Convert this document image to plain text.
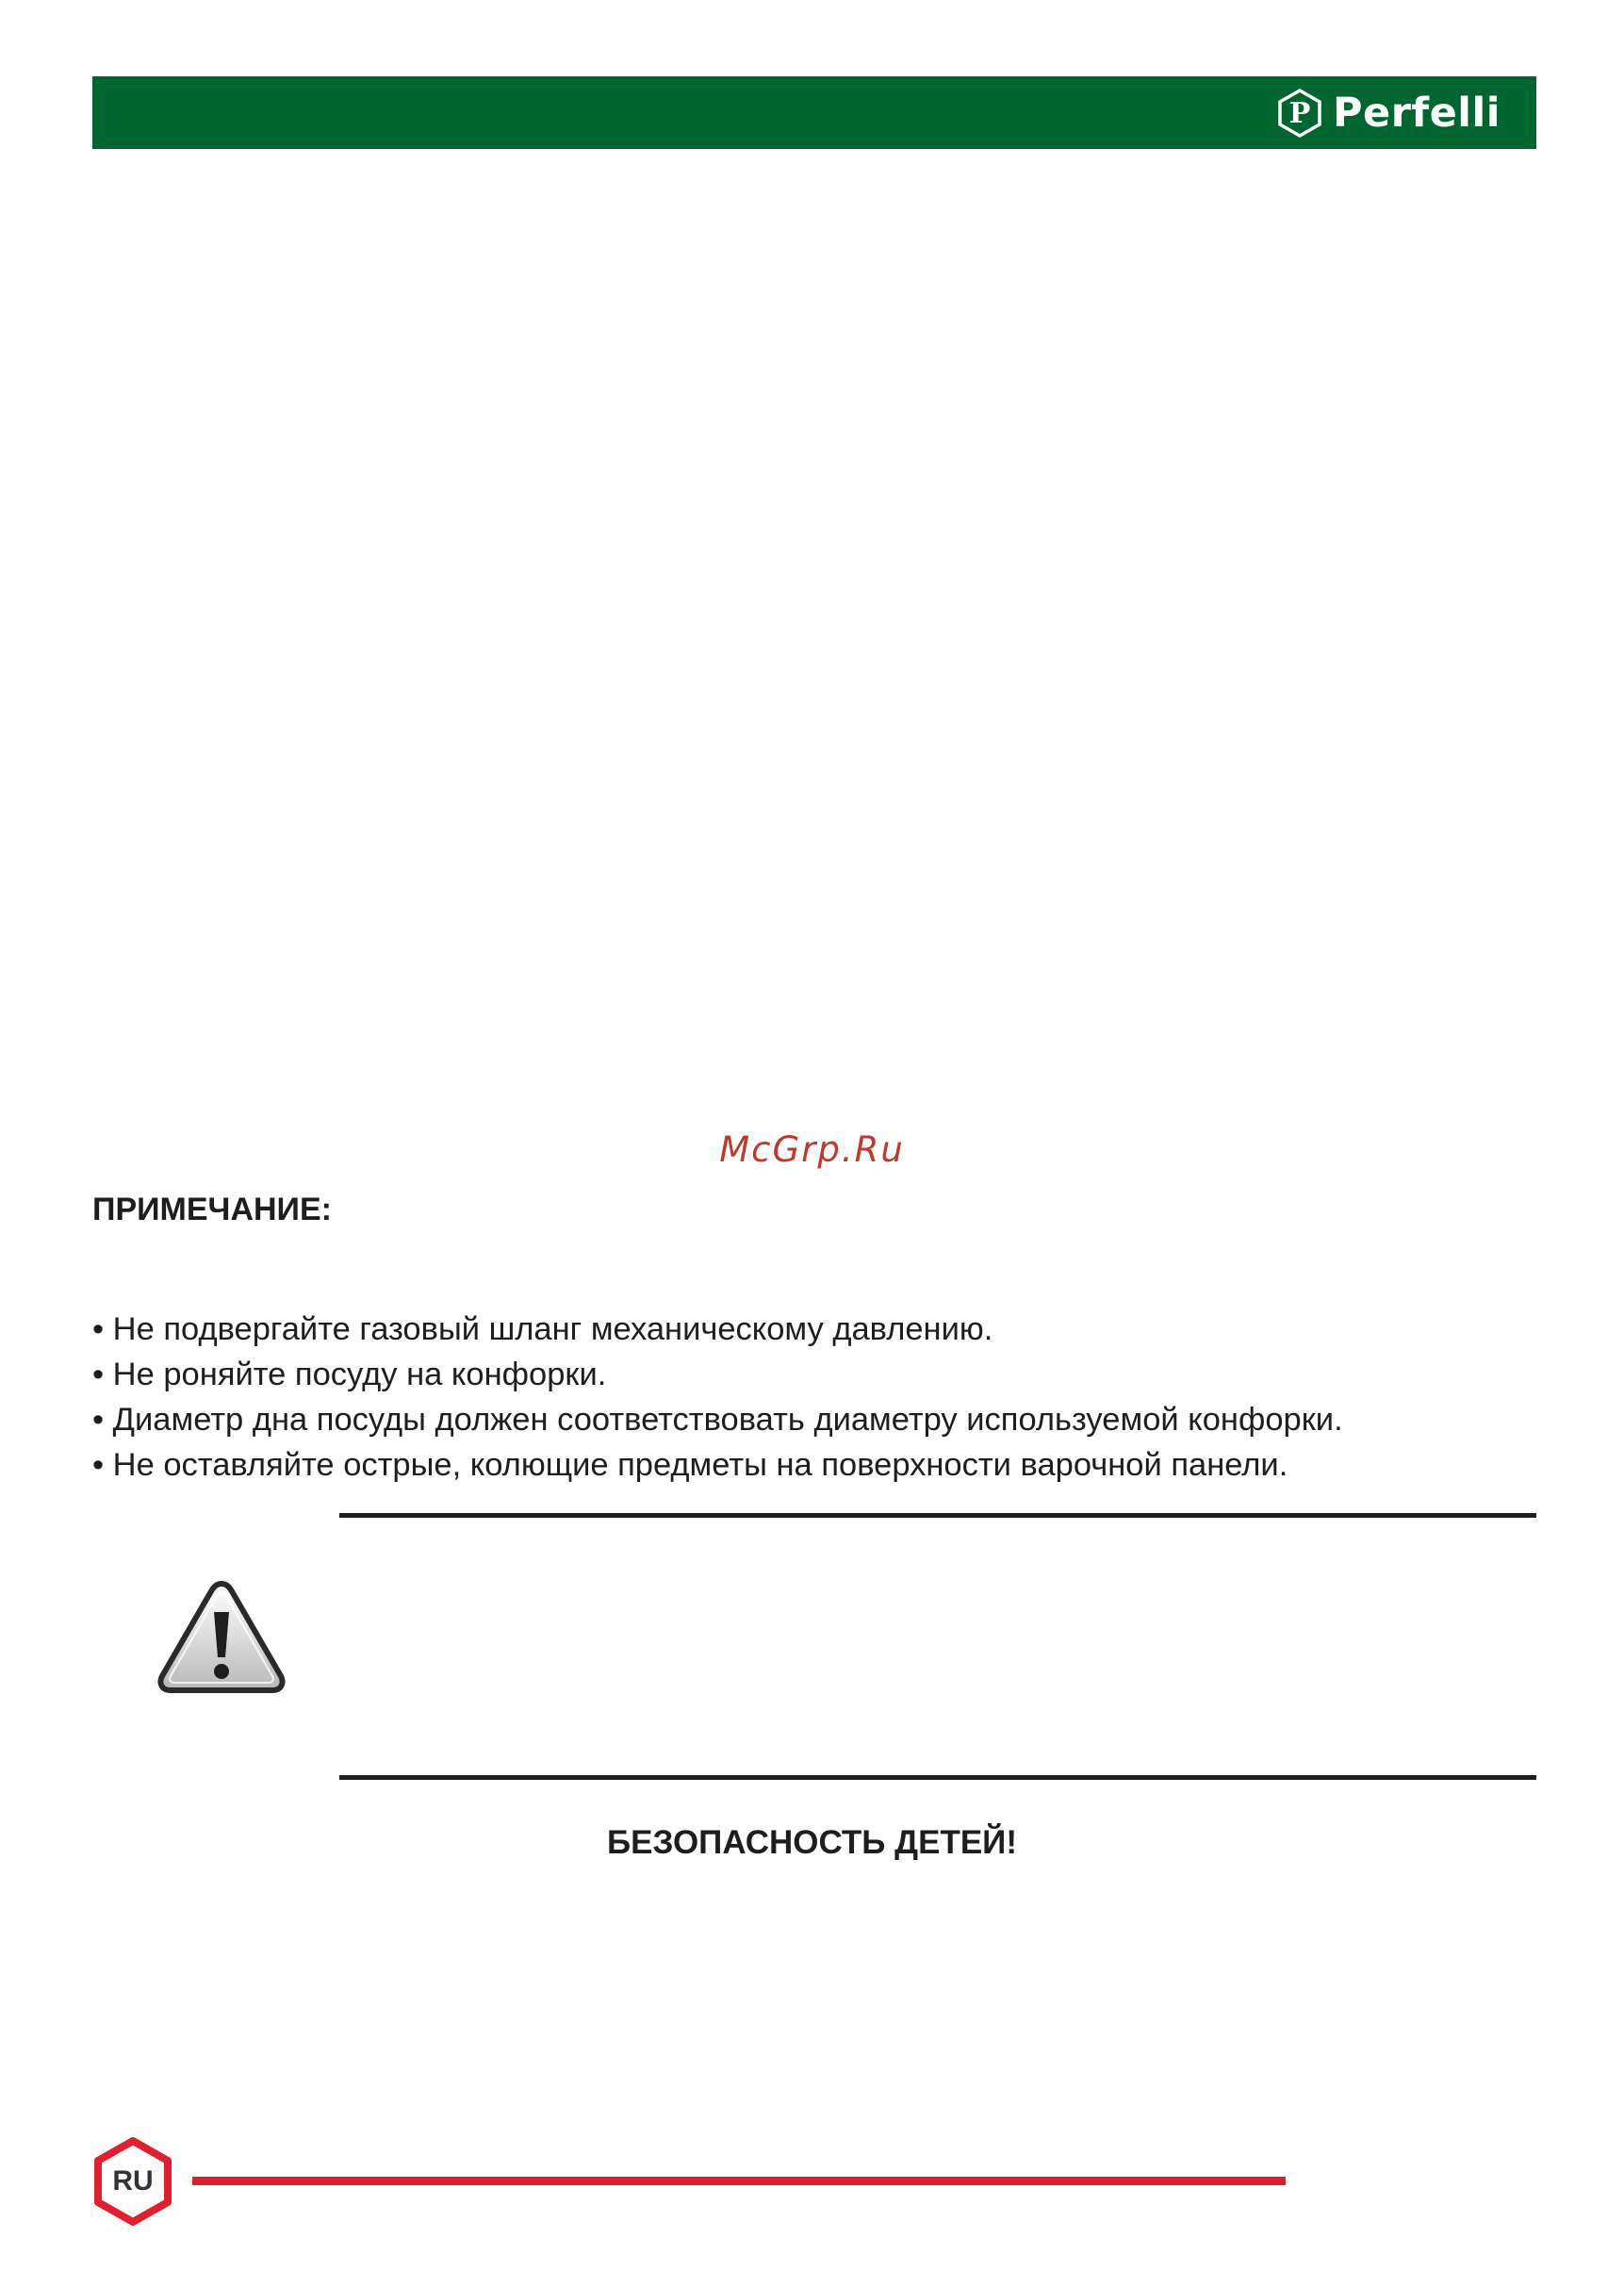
P Perfelli
McGrp.Ru
ПРИМЕЧАНИЕ:
• Не подвергайте газовый шланг механическому давлению.
• Не роняйте посуду на конфорки.
• Диаметр дна посуды должен соответствовать диаметру используемой конфорки.
• Не оставляйте острые, колющие предметы на поверхности варочной панели.
БЕЗОПАСНОСТЬ ДЕТЕЙ!
RU
